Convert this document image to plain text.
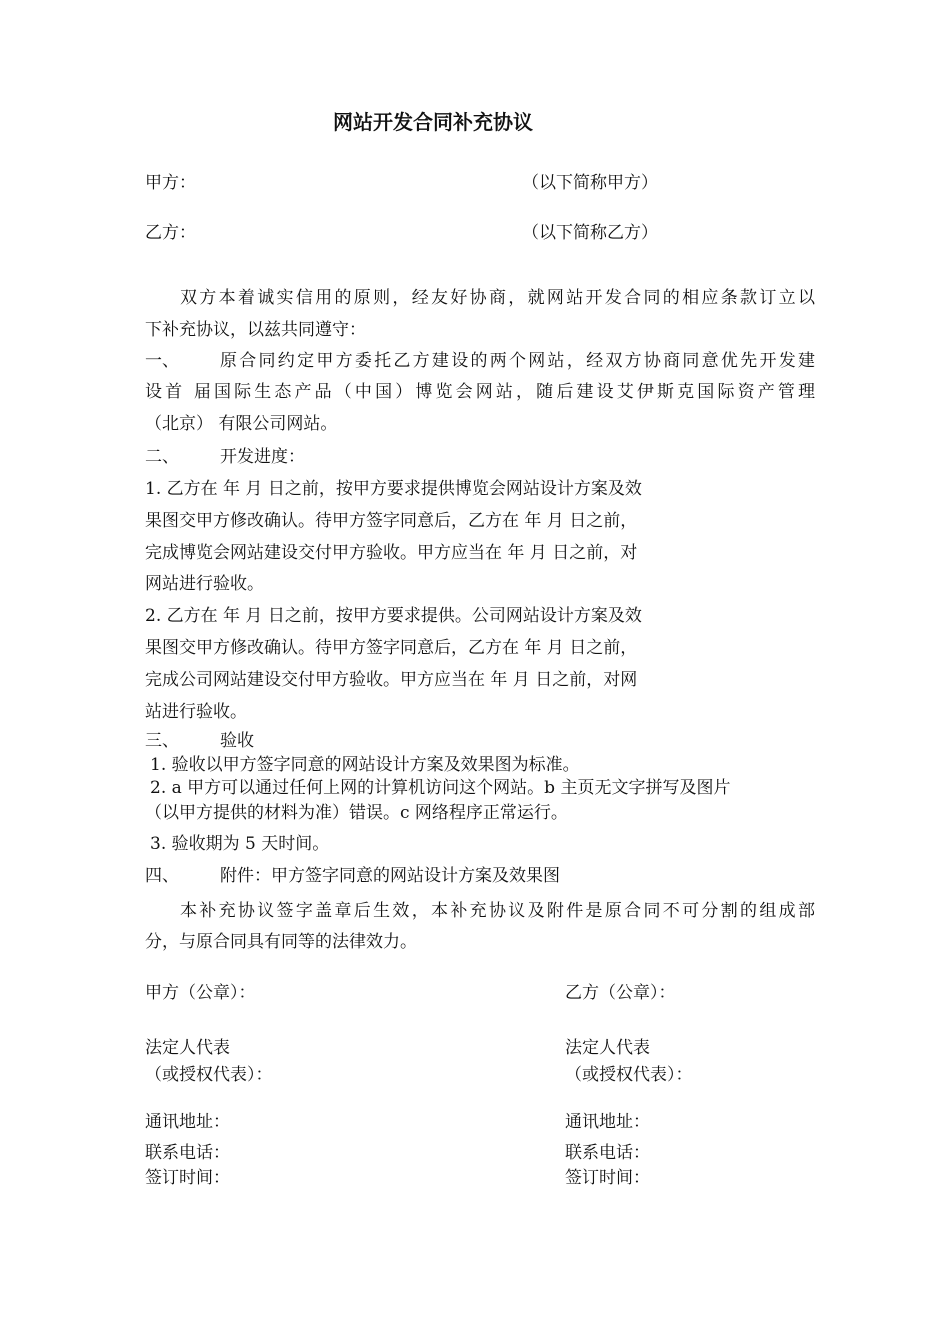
网站开发合同补充协议
甲方：	（以下简称甲方）
乙方：	（以下简称乙方）
双方本着诚实信用的原则，经友好协商，就网站开发合同的相应条款订立以
下补充协议，以兹共同遵守：
一、 原合同约定甲方委托乙方建设的两个网站，经双方协商同意优先开发建
设首 届国际生态产品（中国）博览会网站，随后建设艾伊斯克国际资产管理
（北京） 有限公司网站。
二、 开发进度：
1. 乙方在 年 月 日之前，按甲方要求提供博览会网站设计方案及效
果图交甲方修改确认。待甲方签字同意后，乙方在 年 月 日之前，
完成博览会网站建设交付甲方验收。甲方应当在 年 月 日之前，对
网站进行验收。
2. 乙方在 年 月 日之前，按甲方要求提供。公司网站设计方案及效
果图交甲方修改确认。待甲方签字同意后，乙方在 年 月 日之前，
完成公司网站建设交付甲方验收。甲方应当在 年 月 日之前，对网
站进行验收。
三、 验收
1. 验收以甲方签字同意的网站设计方案及效果图为标准。
2. a 甲方可以通过任何上网的计算机访问这个网站。b 主页无文字拼写及图片
（以甲方提供的材料为准）错误。c 网络程序正常运行。
3. 验收期为 5 天时间。
四、 附件：甲方签字同意的网站设计方案及效果图
本补充协议签字盖章后生效，本补充协议及附件是原合同不可分割的组成部
分，与原合同具有同等的法律效力。
甲方（公章）：
法定人代表
（或授权代表）：
通讯地址：
联系电话：
签订时间：
乙方（公章）：
法定人代表
（或授权代表）：
通讯地址：
联系电话：
签订时间：
